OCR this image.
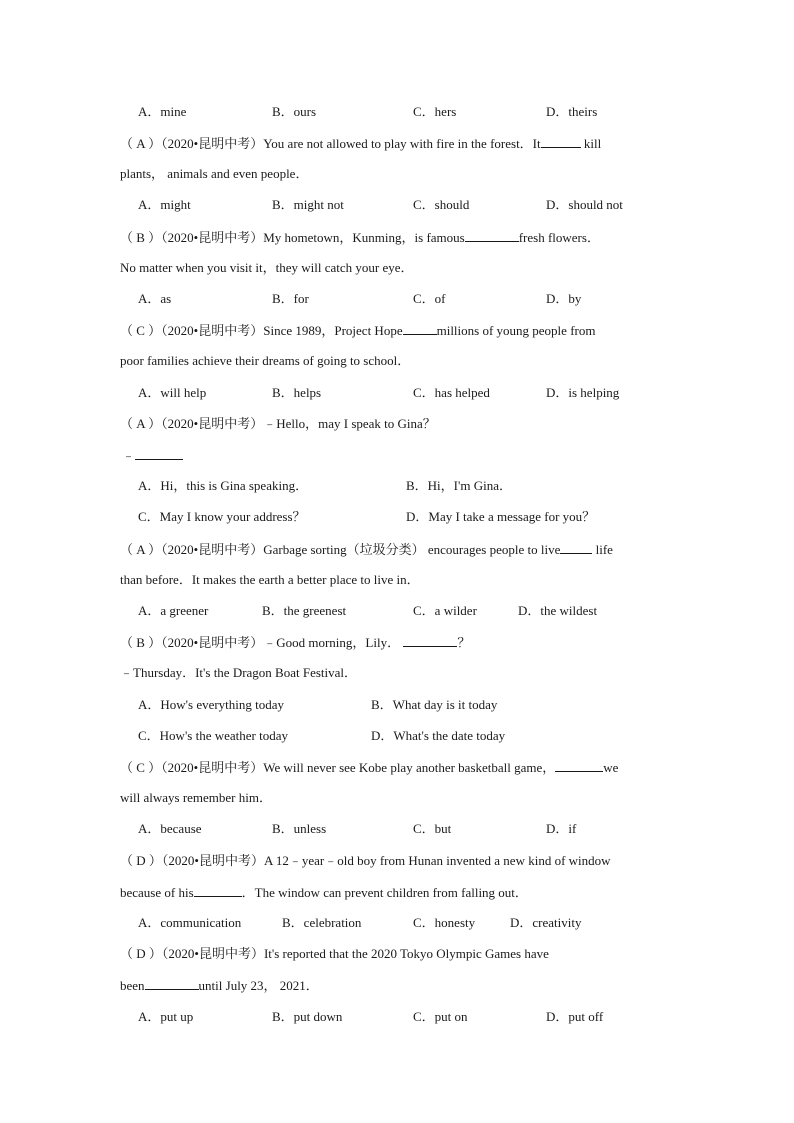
A．mine	B．ours	C．hers	D．theirs
（ A ）（2020•昆明中考）You are not allowed to play with fire in the forest．It	kill
plants， animals and even people．
A．might	B．might not	C．should	D．should not
（ B ）（2020•昆明中考）My hometown，Kunming，is famous	fresh flowers．
No matter when you visit it，they will catch your eye．
A．as	B．for	C．of	D．by
（ C ）（2020•昆明中考）Since 1989，Project Hope	millions of young people from
poor families achieve their dreams of going to school．
A．will help	B．helps	C．has helped	D．is helping
（ A ）（2020•昆明中考）﹣Hello，may I speak to Gina？
﹣
A．Hi，this is Gina speaking．	B．Hi，I'm Gina．
C．May I know your address？	D．May I take a message for you？
（ A ）（2020•昆明中考）Garbage sorting（垃圾分类） encourages people to live	life
than before．It makes the earth a better place to live in．
A．a greener	B．the greenest	C．a wilder	D．the wildest
（ B ）（2020•昆明中考）﹣Good morning，Lily．	？
﹣Thursday．It's the Dragon Boat Festival．
A．How's everything today	B．What day is it today
C．How's the weather today	D．What's the date today
（ C ）（2020•昆明中考）We will never see Kobe play another basketball game，	we
will always remember him．
A．because	B．unless	C．but	D．if
（ D ）（2020•昆明中考）A 12﹣year﹣old boy from Hunan invented a new kind of window
because of his	．The window can prevent children from falling out．
A．communication	B．celebration	C．honesty	D．creativity
（ D ）（2020•昆明中考）It's reported that the 2020 Tokyo Olympic Games have
been	until July 23， 2021．
A．put up	B．put down	C．put on	D．put off
